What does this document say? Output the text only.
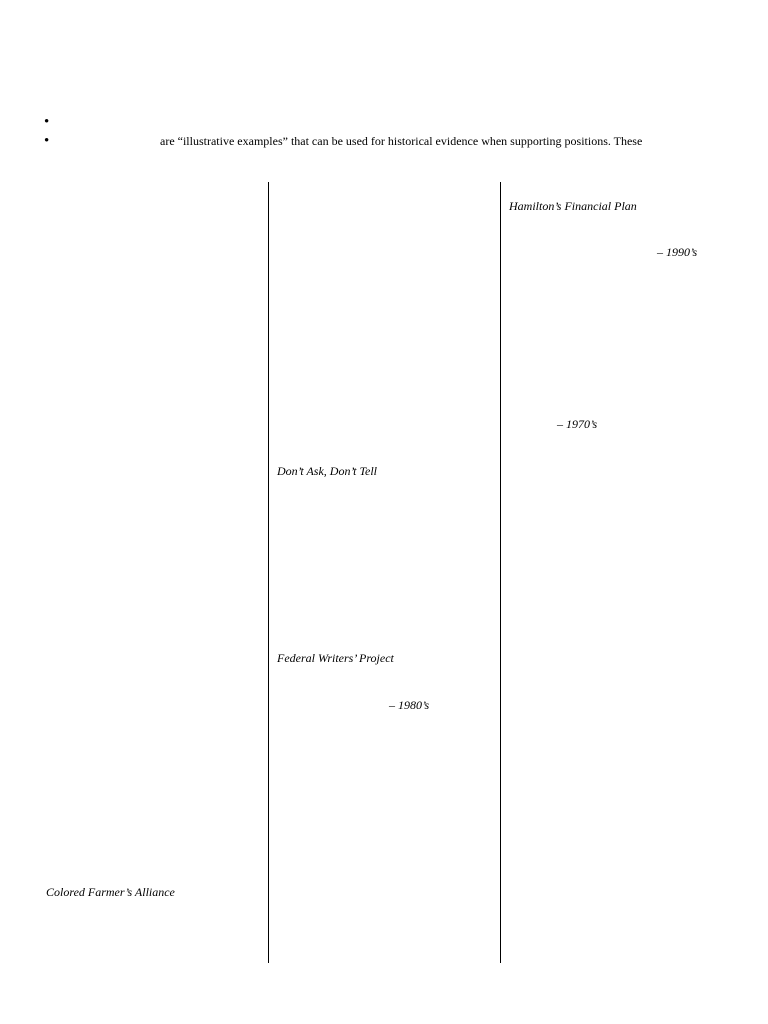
•
•	are “illustrative examples” that can be used for historical evidence when supporting positions. These
Colored Farmer’s Alliance
Don’t Ask, Don’t Tell
Federal Writers’ Project
– 1980’s
Hamilton’s Financial Plan
– 1990’s
– 1970’s
